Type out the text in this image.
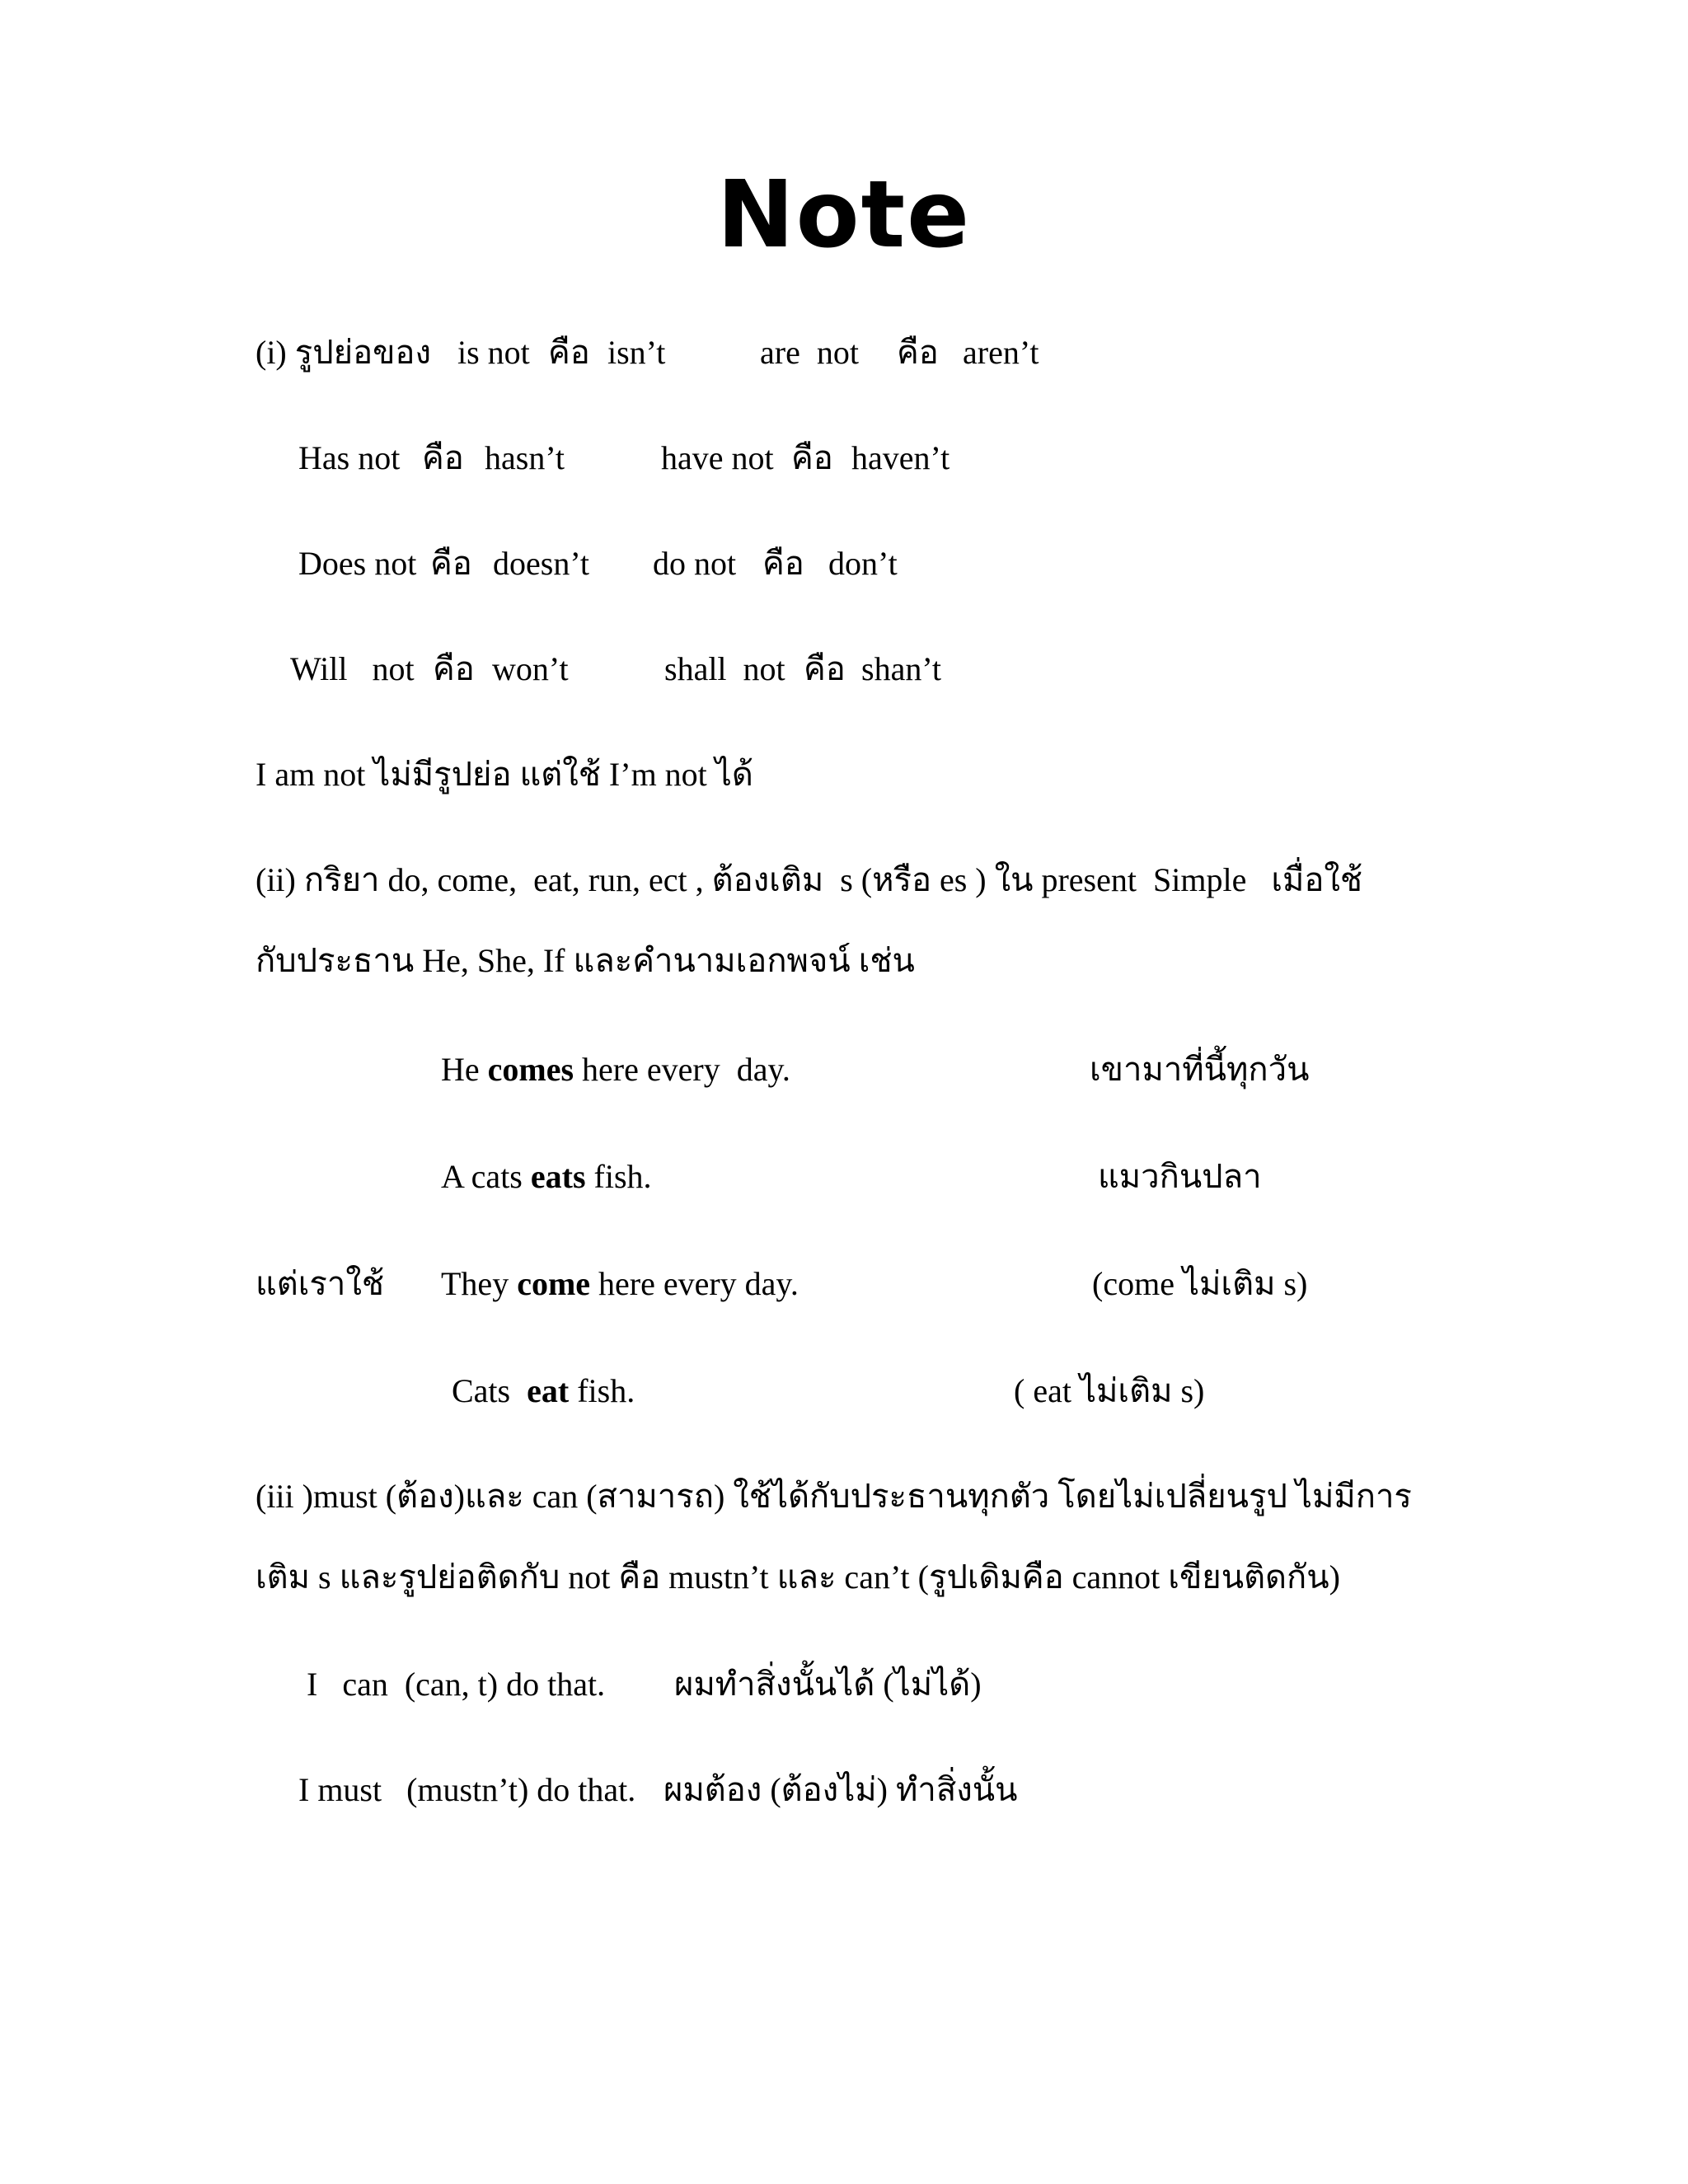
Note
(i) รูปย่อของ is not คือ isn’t	are  not คือ aren’t
Has not คือ hasn’t	have not คือ haven’t
Does not คือ doesn’t do not คือ don’t
Will   not คือ won’t	shall  not คือ shan’t
I am not ไม่มีรูปย่อ แต่ใช้ I’m not ได้
(ii) กริยา do, come,  eat, run, ect , ต้องเติม  s (หรือ es ) ใน present  Simple   เมื่อใช้
กับประธาน He, She, If และคำนามเอกพจน์ เช่น
He comes here every  day.	เขามาที่นี้ทุกวัน
A cats eats fish.	แมวกินปลา
แต่เราใช้ They come here every day.	(come ไม่เติม s)
Cats  eat fish.	( eat ไม่เติม s)
(iii )must (ต้อง)และ can (สามารถ) ใช้ได้กับประธานทุกตัว โดยไม่เปลี่ยนรูป ไม่มีการ
เติม s และรูปย่อติดกับ not คือ mustn’t และ can’t (รูปเดิมคือ cannot เขียนติดกัน)
I   can  (can, t) do that. ผมทำสิ่งนั้นได้ (ไม่ได้)
I must   (mustn’t) do that. ผมต้อง (ต้องไม่) ทำสิ่งนั้น
